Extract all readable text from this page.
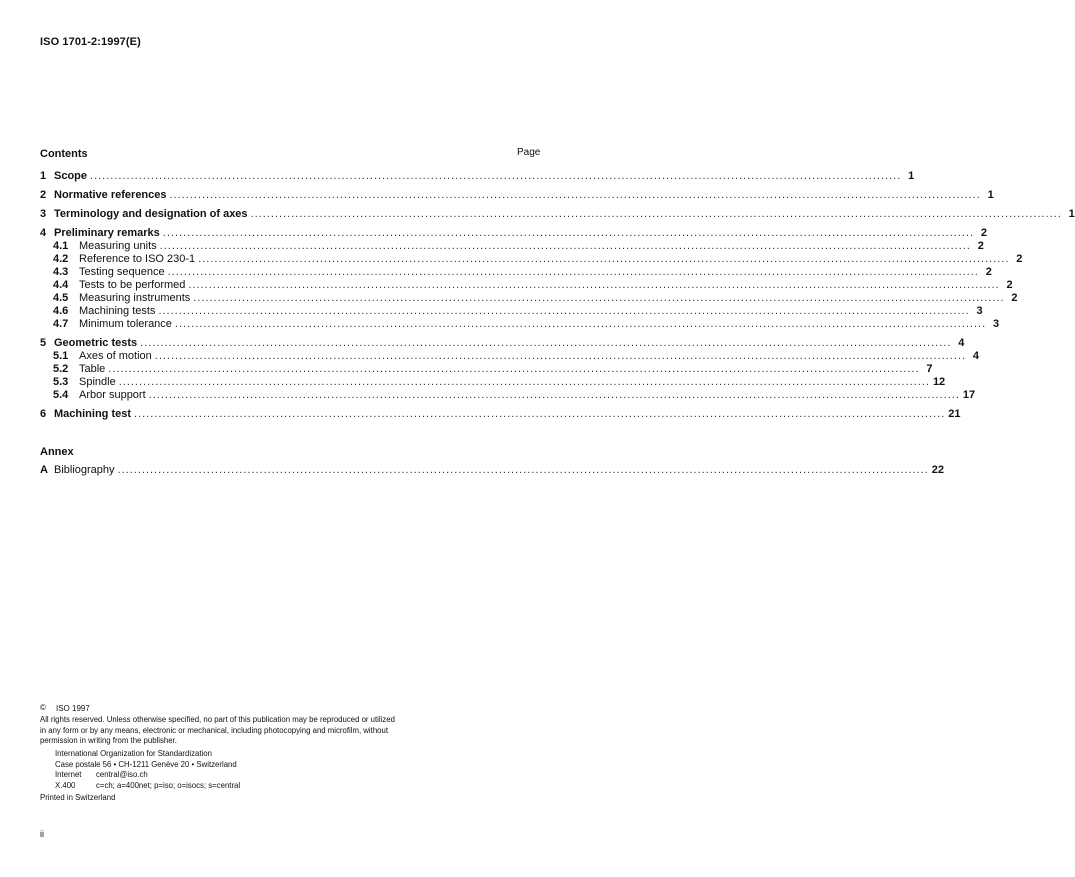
ISO 1701-2:1997(E)
Contents	Page
1 Scope ........................................................................................................................................................................................................ 1
2 Normative references ........................................................................................................................................................................................................ 1
3 Terminology and designation of axes ........................................................................................................................................................................................................ 1
4 Preliminary remarks ........................................................................................................................................................................................................ 2
4.1 Measuring units ........................................................................................................................................................................................................ 2
4.2 Reference to ISO 230-1 ........................................................................................................................................................................................................ 2
4.3 Testing sequence ........................................................................................................................................................................................................ 2
4.4 Tests to be performed ........................................................................................................................................................................................................ 2
4.5 Measuring instruments ........................................................................................................................................................................................................ 2
4.6 Machining tests ........................................................................................................................................................................................................ 3
4.7 Minimum tolerance ........................................................................................................................................................................................................ 3
5 Geometric tests ........................................................................................................................................................................................................ 4
5.1 Axes of motion ........................................................................................................................................................................................................ 4
5.2 Table ........................................................................................................................................................................................................ 7
5.3 Spindle ........................................................................................................................................................................................................ 12
5.4 Arbor support ........................................................................................................................................................................................................ 17
6 Machining test ........................................................................................................................................................................................................ 21
Annex
A Bibliography ........................................................................................................................................................................................................ 22
© ISO 1997
All rights reserved. Unless otherwise specified, no part of this publication may be reproduced or utilized in any form or by any means, electronic or mechanical, including photocopying and microfilm, without permission in writing from the publisher.
International Organization for Standardization
Case postale 56 • CH-1211 Genève 20 • Switzerland
Internet	central@iso.ch
X.400	c=ch; a=400net; p=iso; o=isocs; s=central
Printed in Switzerland
ii
